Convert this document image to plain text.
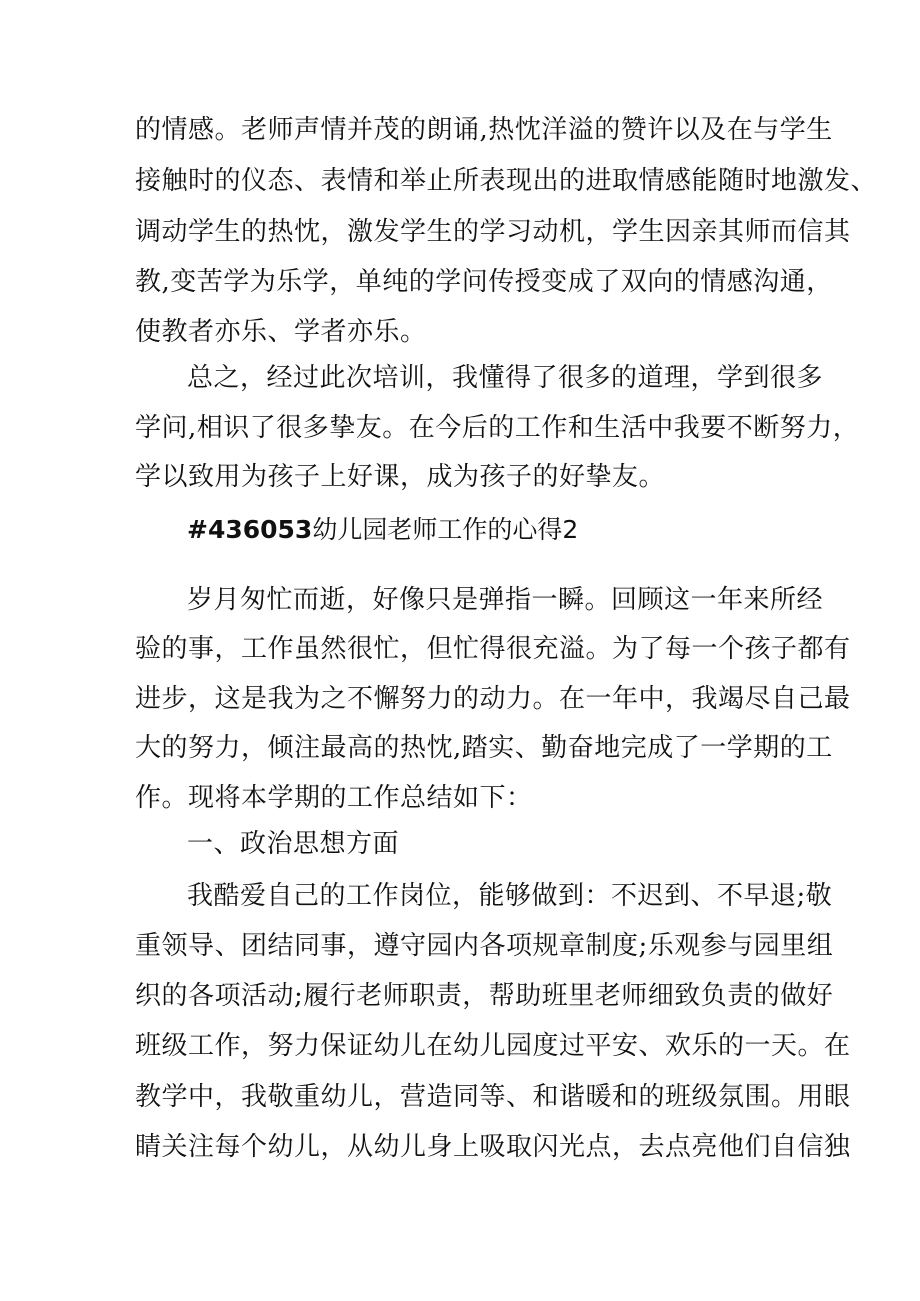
的情感。老师声情并茂的朗诵,热忱洋溢的赞许以及在与学生
接触时的仪态、表情和举止所表现出的进取情感能随时地激发、
调动学生的热忱，激发学生的学习动机，学生因亲其师而信其
教,变苦学为乐学，单纯的学问传授变成了双向的情感沟通，
使教者亦乐、学者亦乐。
总之，经过此次培训，我懂得了很多的道理，学到很多
学问,相识了很多挚友。在今后的工作和生活中我要不断努力，
学以致用为孩子上好课，成为孩子的好挚友。
#436053幼儿园老师工作的心得2
岁月匆忙而逝，好像只是弹指一瞬。回顾这一年来所经
验的事，工作虽然很忙，但忙得很充溢。为了每一个孩子都有
进步，这是我为之不懈努力的动力。在一年中，我竭尽自己最
大的努力，倾注最高的热忱,踏实、勤奋地完成了一学期的工
作。现将本学期的工作总结如下：
一、政治思想方面
我酷爱自己的工作岗位，能够做到：不迟到、不早退;敬
重领导、团结同事，遵守园内各项规章制度;乐观参与园里组
织的各项活动;履行老师职责，帮助班里老师细致负责的做好
班级工作，努力保证幼儿在幼儿园度过平安、欢乐的一天。在
教学中，我敬重幼儿，营造同等、和谐暖和的班级氛围。用眼
睛关注每个幼儿，从幼儿身上吸取闪光点，去点亮他们自信独
